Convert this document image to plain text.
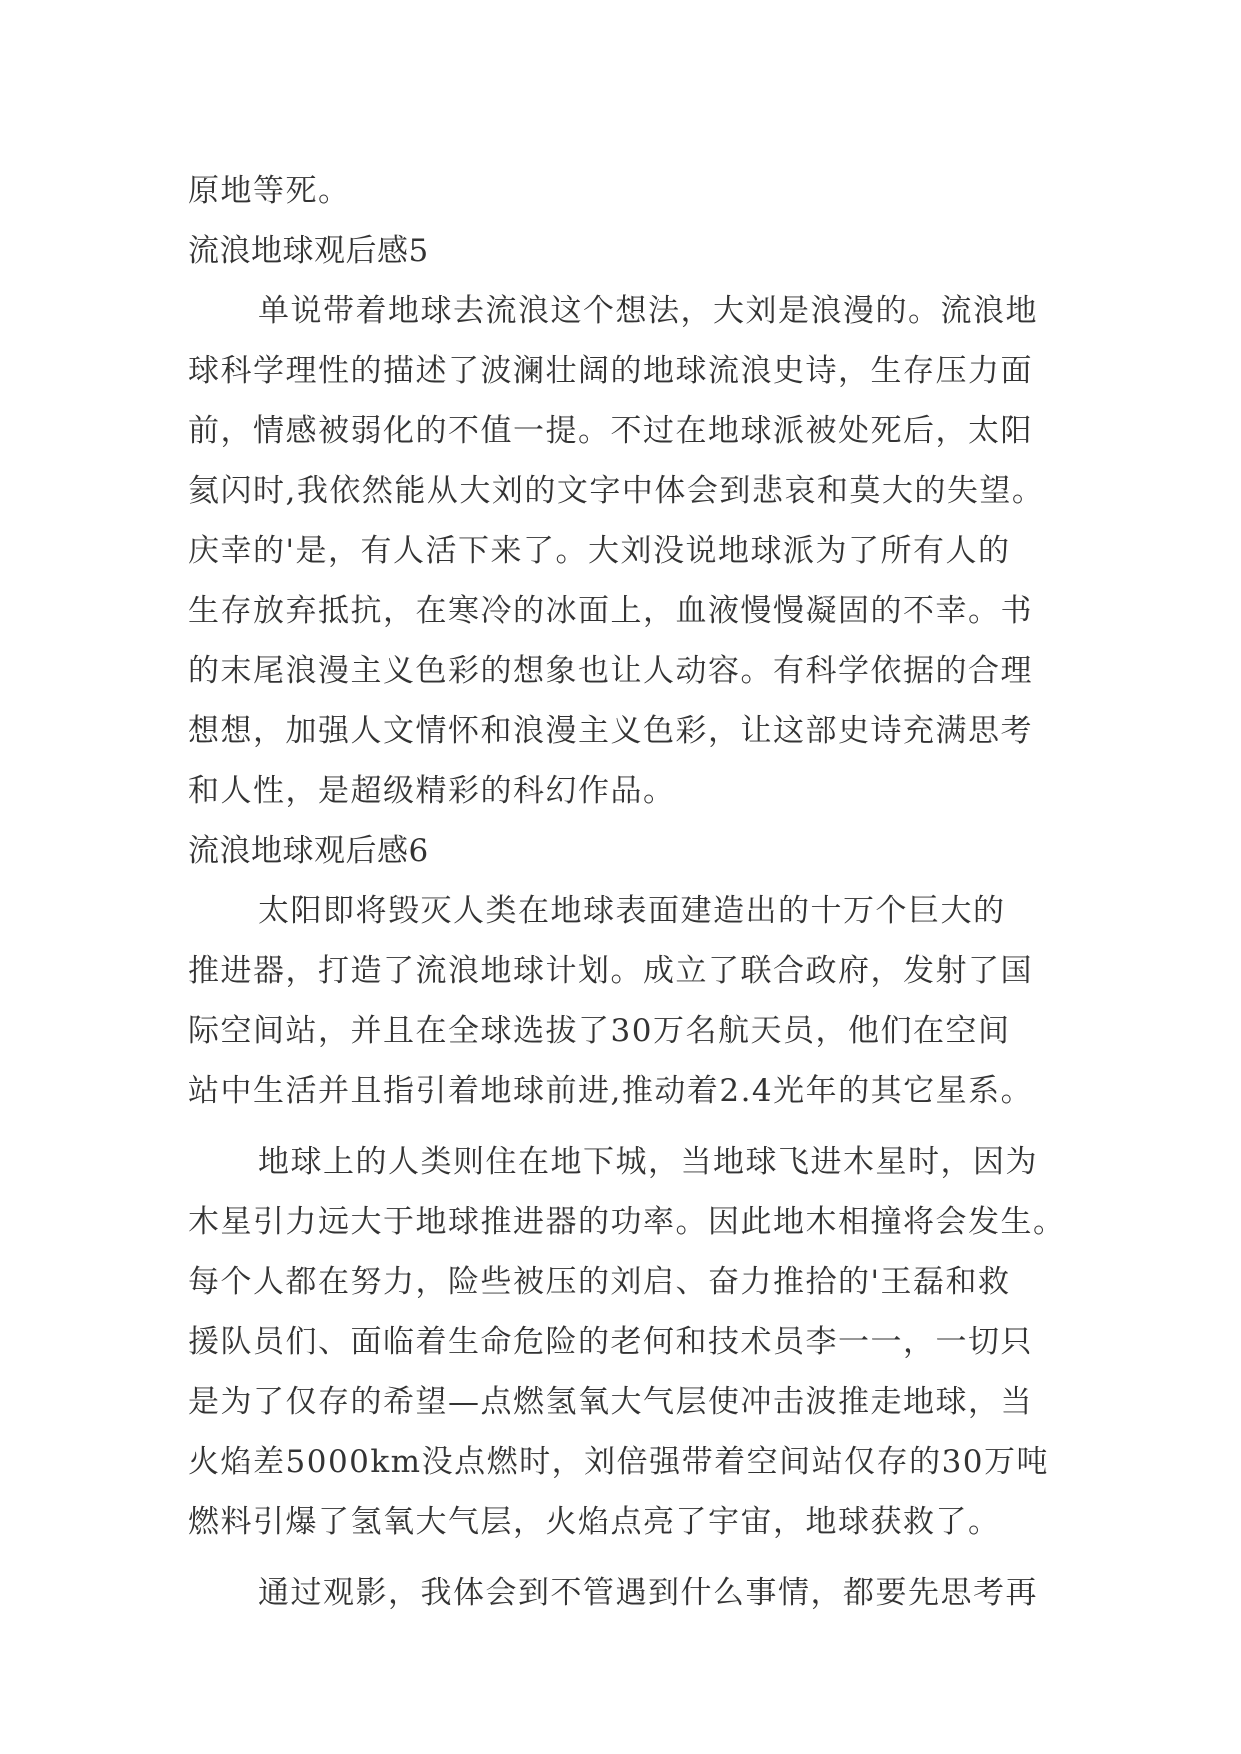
原地等死。
流浪地球观后感5
单说带着地球去流浪这个想法，大刘是浪漫的。流浪地
球科学理性的描述了波澜壮阔的地球流浪史诗，生存压力面
前，情感被弱化的不值一提。不过在地球派被处死后，太阳
氦闪时,我依然能从大刘的文字中体会到悲哀和莫大的失望。
庆幸的'是，有人活下来了。大刘没说地球派为了所有人的
生存放弃抵抗，在寒冷的冰面上，血液慢慢凝固的不幸。书
的末尾浪漫主义色彩的想象也让人动容。有科学依据的合理
想想，加强人文情怀和浪漫主义色彩，让这部史诗充满思考
和人性，是超级精彩的科幻作品。
流浪地球观后感6
太阳即将毁灭人类在地球表面建造出的十万个巨大的
推进器，打造了流浪地球计划。成立了联合政府，发射了国
际空间站，并且在全球选拔了30万名航天员，他们在空间
站中生活并且指引着地球前进,推动着2.4光年的其它星系。
地球上的人类则住在地下城，当地球飞进木星时，因为
木星引力远大于地球推进器的功率。因此地木相撞将会发生。
每个人都在努力，险些被压的刘启、奋力推拾的'王磊和救
援队员们、面临着生命危险的老何和技术员李一一，一切只
是为了仅存的希望—点燃氢氧大气层使冲击波推走地球，当
火焰差5000km没点燃时，刘倍强带着空间站仅存的30万吨
燃料引爆了氢氧大气层，火焰点亮了宇宙，地球获救了。
通过观影，我体会到不管遇到什么事情，都要先思考再
